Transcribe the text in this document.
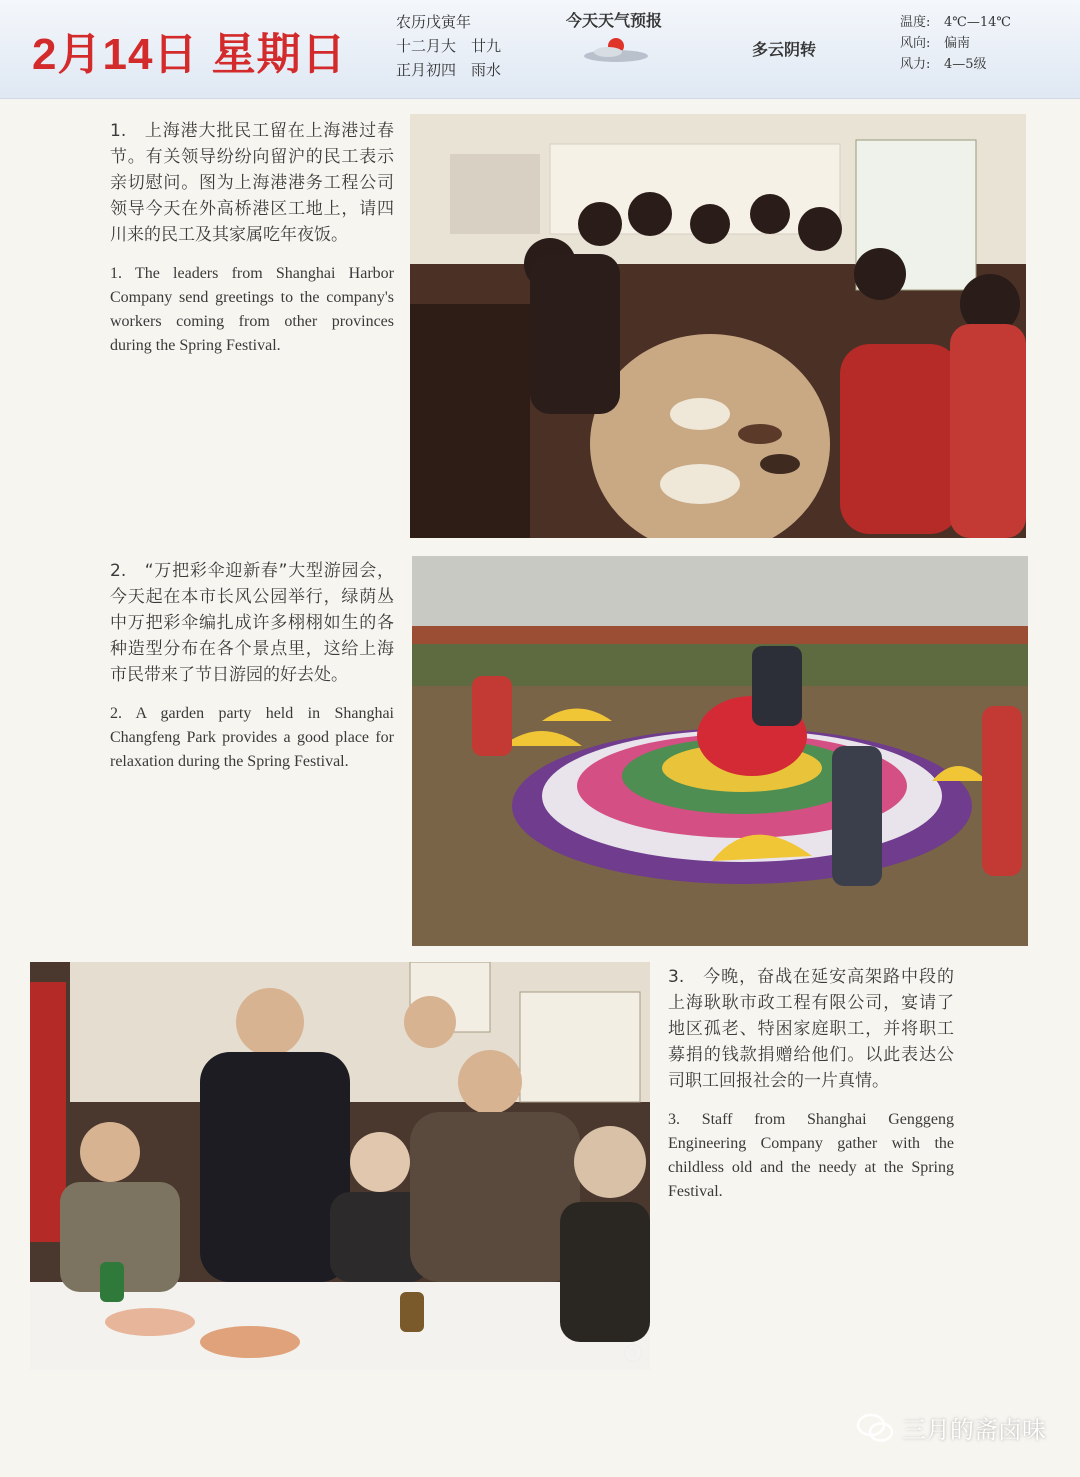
2月14日 星期日
农历戊寅年
十二月大　廿九
正月初四　雨水
今天天气预报
多云阴转
温度: 4℃—14℃
风向: 偏南
风力: 4—5级

1.　上海港大批民工留在上海港过春节。有关领导纷纷向留沪的民工表示亲切慰问。图为上海港港务工程公司领导今天在外高桥港区工地上，请四川来的民工及其家属吃年夜饭。

1. The leaders from Shanghai Harbor Company send greetings to the company's workers coming from other provinces during the Spring Festival.

2.　“万把彩伞迎新春”大型游园会，今天起在本市长风公园举行，绿荫丛中万把彩伞编扎成许多栩栩如生的各种造型分布在各个景点里，这给上海市民带来了节日游园的好去处。

2. A garden party held in Shanghai Changfeng Park provides a good place for relaxation during the Spring Festival.

3

3.　今晚，奋战在延安高架路中段的上海耿耿市政工程有限公司，宴请了地区孤老、特困家庭职工，并将职工募捐的钱款捐赠给他们。以此表达公司职工回报社会的一片真情。

3. Staff from Shanghai Genggeng Engineering Company gather with the childless old and the needy at the Spring Festival.

三月的斋卤味
